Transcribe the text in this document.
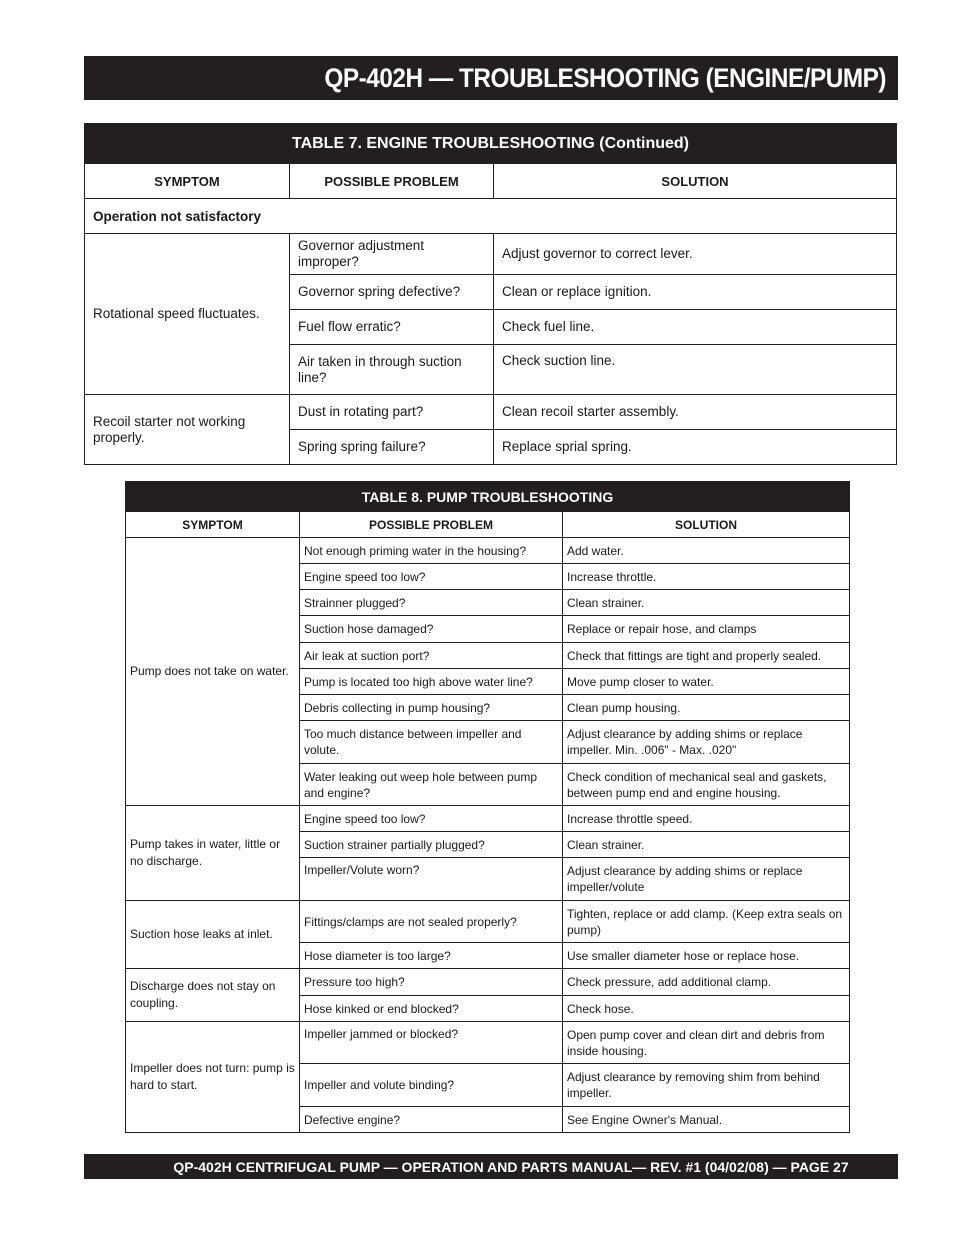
QP-402H — TROUBLESHOOTING (ENGINE/PUMP)
TABLE 7. ENGINE TROUBLESHOOTING (Continued)		
SYMPTOM	POSSIBLE PROBLEM	SOLUTION
Operation not satisfactory		
Rotational speed fluctuates.	Governor adjustment improper?	Adjust governor to correct lever.
	Governor spring defective?	Clean or replace ignition.
	Fuel flow erratic?	Check fuel line.
	Air taken in through suction line?	Check suction line.
Recoil starter not working properly.	Dust in rotating part?	Clean recoil starter assembly.
	Spring spring failure?	Replace sprial spring.
TABLE 8. PUMP TROUBLESHOOTING		
SYMPTOM	POSSIBLE PROBLEM	SOLUTION
Pump does not take on water.	Not enough priming water in the housing?	Add water.
	Engine speed too low?	Increase throttle.
	Strainner plugged?	Clean strainer.
	Suction hose damaged?	Replace or repair hose, and clamps
	Air leak at suction port?	Check that fittings are tight and properly sealed.
	Pump is located too high above water line?	Move pump closer to water.
	Debris collecting in pump housing?	Clean pump housing.
	Too much distance between impeller and volute.	Adjust clearance by adding shims or replace impeller. Min. .006" - Max. .020"
	Water leaking out weep hole between pump and engine?	Check condition of mechanical seal and gaskets, between pump end and engine housing.
Pump takes in water, little or no discharge.	Engine speed too low?	Increase throttle speed.
	Suction strainer partially plugged?	Clean strainer.
	Impeller/Volute worn?	Adjust clearance by adding shims or replace impeller/volute
Suction hose leaks at inlet.	Fittings/clamps are not sealed properly?	Tighten, replace or add clamp. (Keep extra seals on pump)
	Hose diameter is too large?	Use smaller diameter hose or replace hose.
Discharge does not stay on coupling.	Pressure too high?	Check pressure, add additional clamp.
	Hose kinked or end blocked?	Check hose.
Impeller does not turn: pump is hard to start.	Impeller jammed or blocked?	Open pump cover and clean dirt and debris from inside housing.
	Impeller and volute binding?	Adjust clearance by removing shim from behind impeller.
	Defective engine?	See Engine Owner's Manual.
QP-402H CENTRIFUGAL PUMP — OPERATION AND PARTS MANUAL— REV. #1 (04/02/08) — PAGE 27
